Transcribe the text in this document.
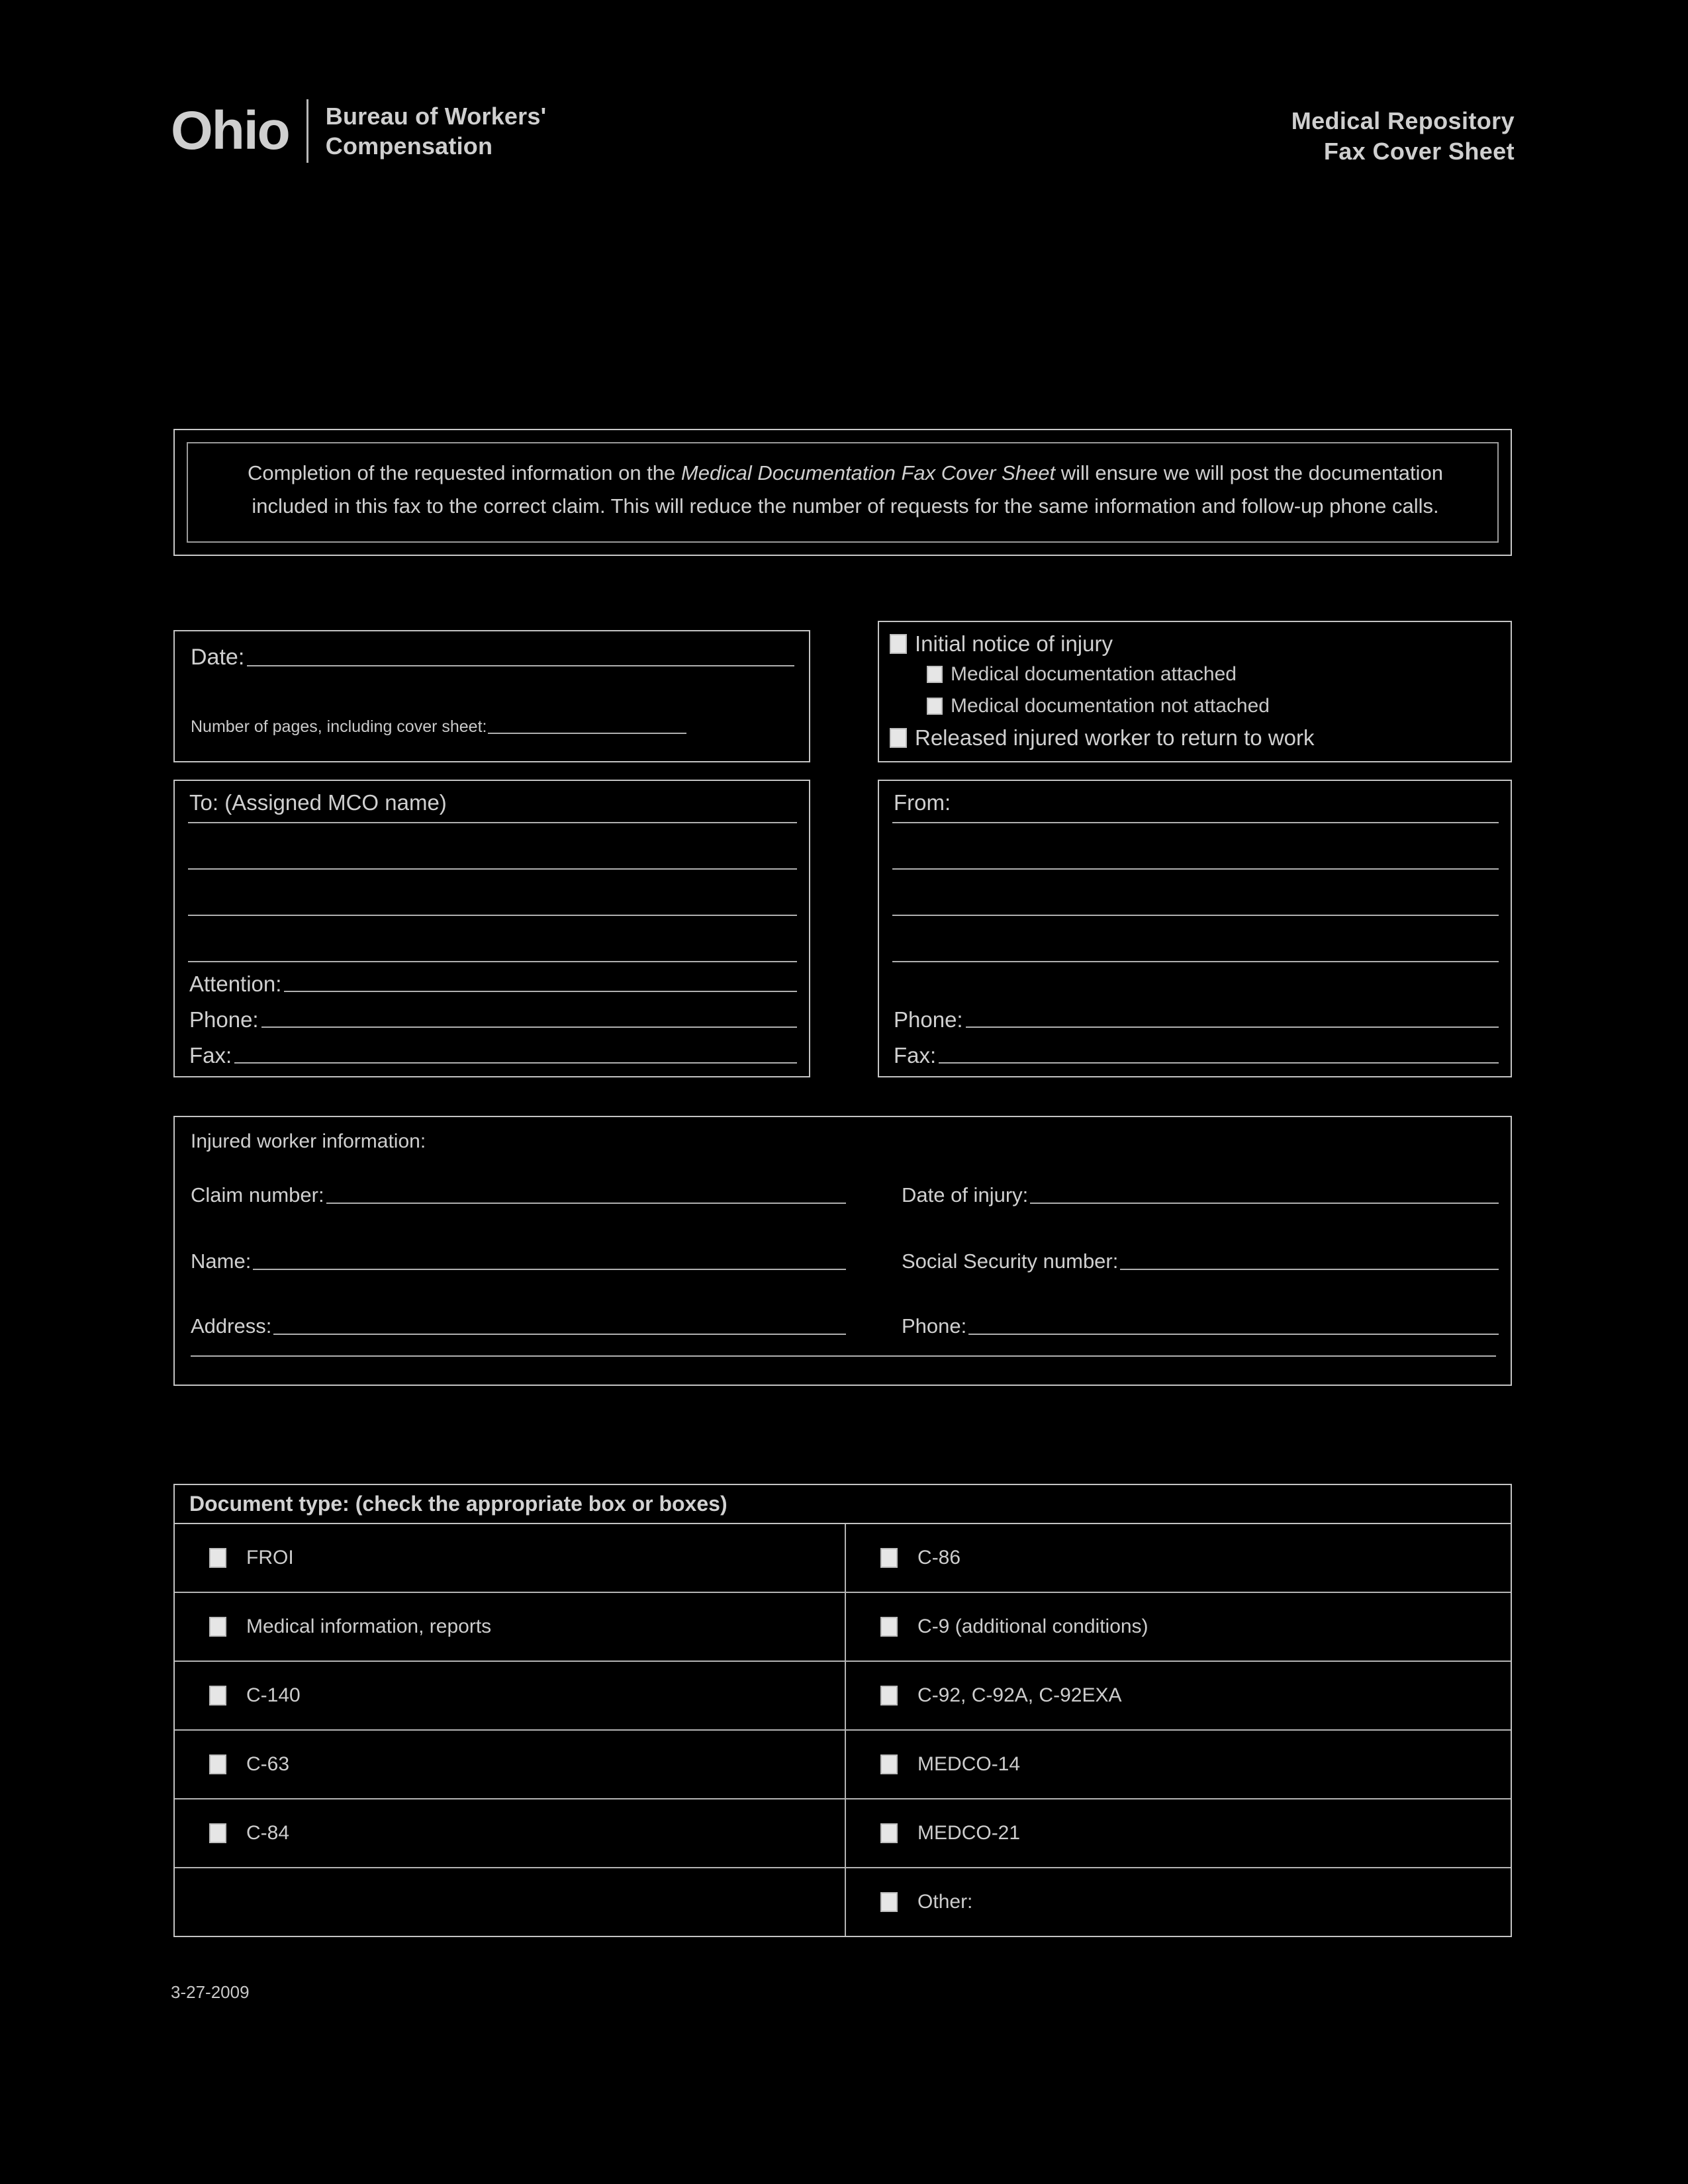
Ohio Bureau of Workers'
Compensation
Medical Repository
Fax Cover Sheet
Completion of the requested information on the Medical Documentation Fax Cover Sheet will ensure we will post the documentation included in this fax to the correct claim. This will reduce the number of requests for the same information and follow-up phone calls.
Date:
Number of pages, including cover sheet:
Initial notice of injury
Medical documentation attached
Medical documentation not attached
Released injured worker to return to work
To: (Assigned MCO name)
Attention:
Phone:
Fax:
From:
Phone:
Fax:
Injured worker information:
Claim number:	Date of injury:
Name:	Social Security number:
Address:	Phone:
Document type: (check the appropriate box or boxes)
FROI	C-86

Medical information, reports	C-9 (additional conditions)

C-140	C-92, C-92A, C-92EXA

C-63	MEDCO-14

C-84	MEDCO-21

	Other:
3-27-2009
